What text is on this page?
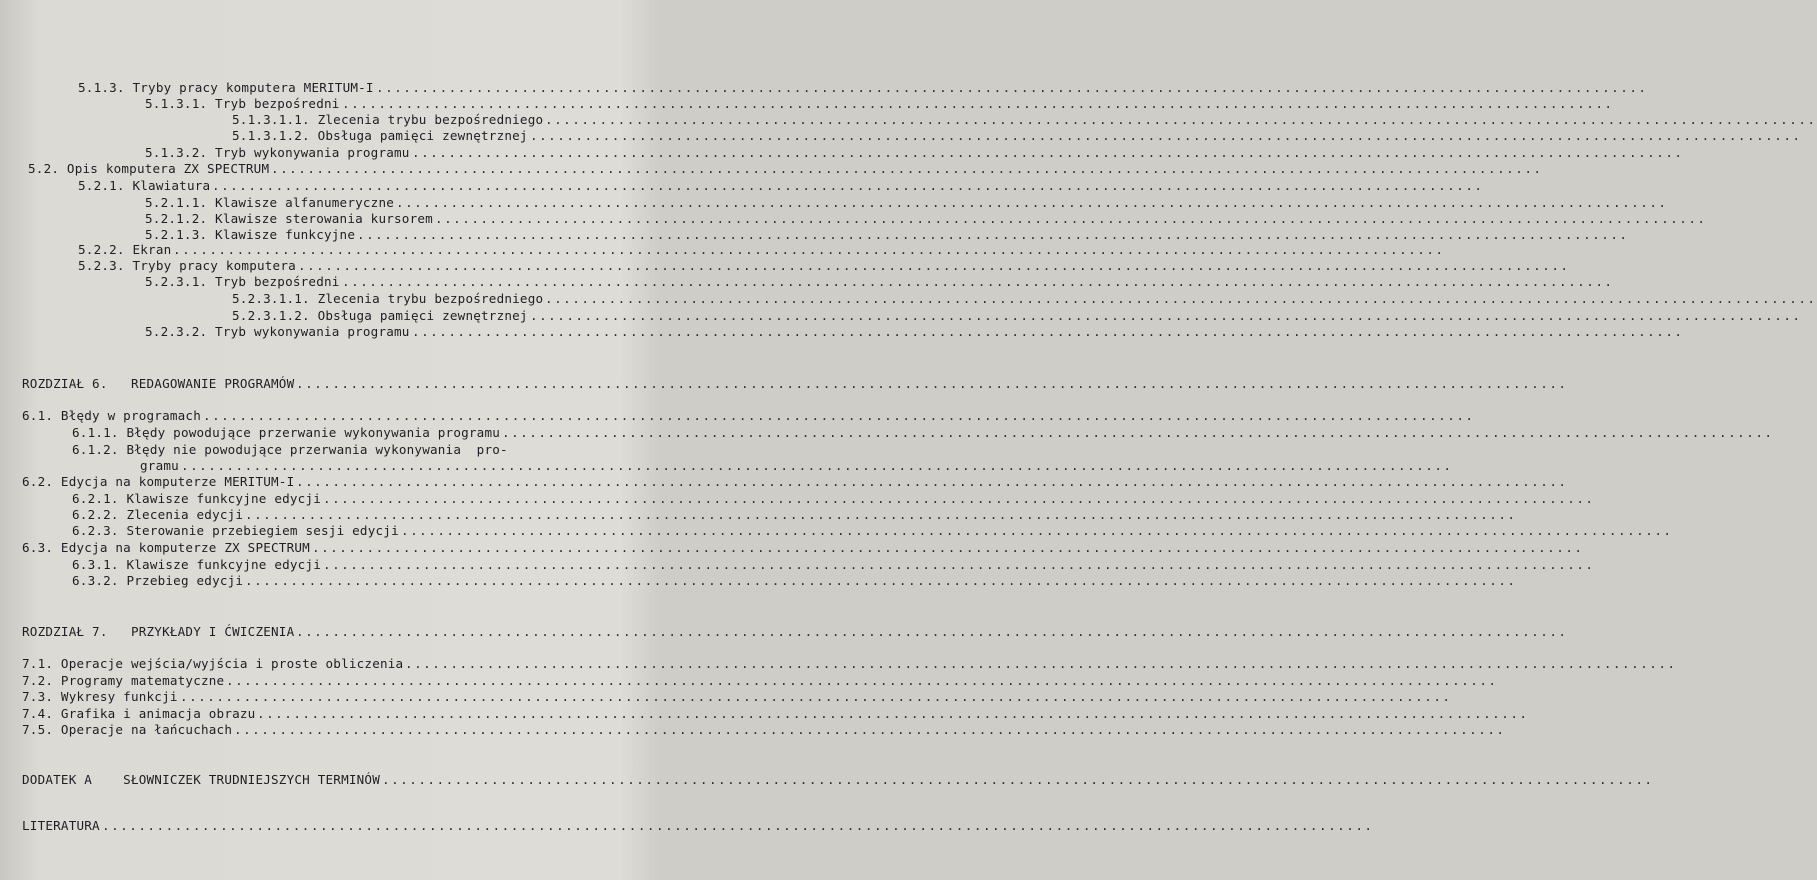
5.1.3. Tryby pracy komputera MERITUM-I ............................................................................................................................................
5.1.3.1. Tryb bezpośredni ............................................................................................................................................
5.1.3.1.1. Zlecenia trybu bezpośredniego ............................................................................................................................................
5.1.3.1.2. Obsługa pamięci zewnętrznej ............................................................................................................................................
5.1.3.2. Tryb wykonywania programu ............................................................................................................................................
5.2. Opis komputera ZX SPECTRUM ............................................................................................................................................
5.2.1. Klawiatura ............................................................................................................................................
5.2.1.1. Klawisze alfanumeryczne ............................................................................................................................................
5.2.1.2. Klawisze sterowania kursorem ............................................................................................................................................
5.2.1.3. Klawisze funkcyjne ............................................................................................................................................
5.2.2. Ekran ............................................................................................................................................
5.2.3. Tryby pracy komputera ............................................................................................................................................
5.2.3.1. Tryb bezpośredni ............................................................................................................................................
5.2.3.1.1. Zlecenia trybu bezpośredniego ............................................................................................................................................
5.2.3.1.2. Obsługa pamięci zewnętrznej ............................................................................................................................................
5.2.3.2. Tryb wykonywania programu ............................................................................................................................................
ROZDZIAŁ 6.   REDAGOWANIE PROGRAMÓW ............................................................................................................................................
6.1. Błędy w programach ............................................................................................................................................
6.1.1. Błędy powodujące przerwanie wykonywania programu ............................................................................................................................................
6.1.2. Błędy nie powodujące przerwania wykonywania  pro-
gramu ............................................................................................................................................
6.2. Edycja na komputerze MERITUM-I ............................................................................................................................................
6.2.1. Klawisze funkcyjne edycji ............................................................................................................................................
6.2.2. Zlecenia edycji ............................................................................................................................................
6.2.3. Sterowanie przebiegiem sesji edycji ............................................................................................................................................
6.3. Edycja na komputerze ZX SPECTRUM ............................................................................................................................................
6.3.1. Klawisze funkcyjne edycji ............................................................................................................................................
6.3.2. Przebieg edycji ............................................................................................................................................
ROZDZIAŁ 7.   PRZYKŁADY I ĆWICZENIA ............................................................................................................................................
7.1. Operacje wejścia/wyjścia i proste obliczenia ............................................................................................................................................
7.2. Programy matematyczne ............................................................................................................................................
7.3. Wykresy funkcji ............................................................................................................................................
7.4. Grafika i animacja obrazu ............................................................................................................................................
7.5. Operacje na łańcuchach ............................................................................................................................................
DODATEK A    SŁOWNICZEK TRUDNIEJSZYCH TERMINÓW ............................................................................................................................................
LITERATURA ............................................................................................................................................
